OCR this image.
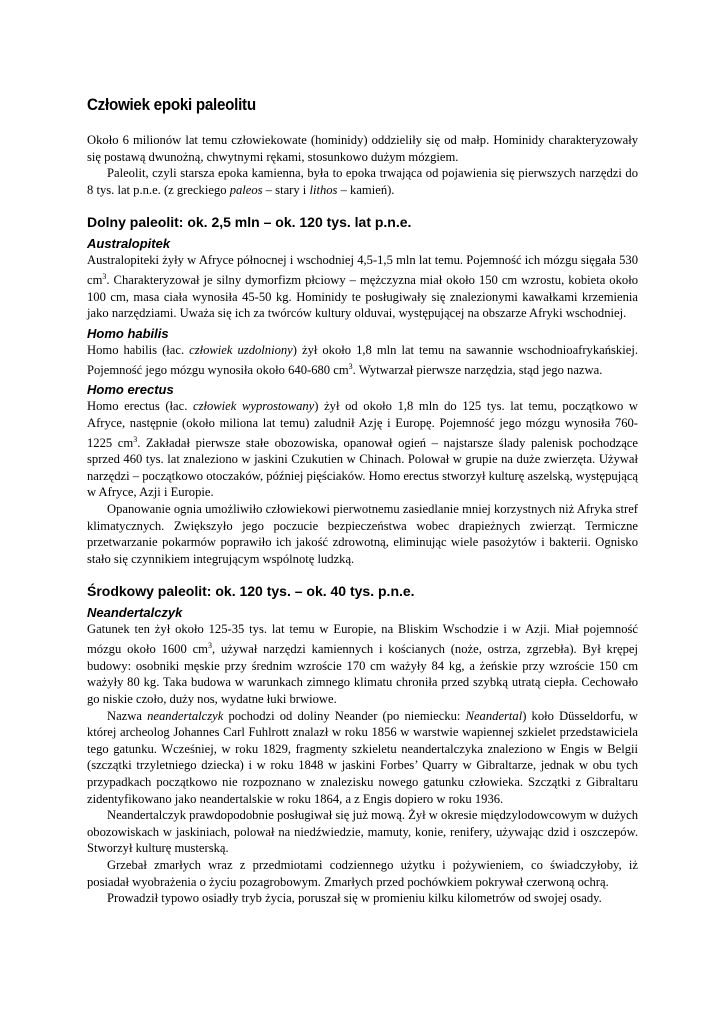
Człowiek epoki paleolitu

Około 6 milionów lat temu człowiekowate (hominidy) oddzieliły się od małp. Hominidy charakteryzowały się postawą dwunożną, chwytnymi rękami, stosunkowo dużym mózgiem.

Paleolit, czyli starsza epoka kamienna, była to epoka trwająca od pojawienia się pierwszych narzędzi do 8 tys. lat p.n.e. (z greckiego paleos – stary i lithos – kamień).

Dolny paleolit: ok. 2,5 mln – ok. 120 tys. lat p.n.e.
Australopitek

Australopiteki żyły w Afryce północnej i wschodniej 4,5-1,5 mln lat temu. Pojemność ich mózgu sięgała 530 $cm^3$. Charakteryzował je silny dymorfizm płciowy – mężczyzna miał około 150 cm wzrostu, kobieta około 100 cm, masa ciała wynosiła 45-50 kg. Hominidy te posługiwały się znalezionymi kawałkami krzemienia jako narzędziami. Uważa się ich za twórców kultury olduvai, występującej na obszarze Afryki wschodniej.

Homo habilis

Homo habilis (łac. człowiek uzdolniony) żył około 1,8 mln lat temu na sawannie wschodnioafrykańskiej. Pojemność jego mózgu wynosiła około 640-680 $cm^3$. Wytwarzał pierwsze narzędzia, stąd jego nazwa.

Homo erectus

Homo erectus (łac. człowiek wyprostowany) żył od około 1,8 mln do 125 tys. lat temu, początkowo w Afryce, następnie (około miliona lat temu) zaludnił Azję i Europę. Pojemność jego mózgu wynosiła 760-1225 $cm^3$. Zakładał pierwsze stałe obozowiska, opanował ogień – najstarsze ślady palenisk pochodzące sprzed 460 tys. lat znaleziono w jaskini Czukutien w Chinach. Polował w grupie na duże zwierzęta. Używał narzędzi – początkowo otoczaków, później pięściaków. Homo erectus stworzył kulturę aszelską, występującą w Afryce, Azji i Europie.

Opanowanie ognia umożliwiło człowiekowi pierwotnemu zasiedlanie mniej korzystnych niż Afryka stref klimatycznych. Zwiększyło jego poczucie bezpieczeństwa wobec drapieżnych zwierząt. Termiczne przetwarzanie pokarmów poprawiło ich jakość zdrowotną, eliminując wiele pasożytów i bakterii. Ognisko stało się czynnikiem integrującym wspólnotę ludzką.

Środkowy paleolit: ok. 120 tys. – ok. 40 tys. p.n.e.
Neandertalczyk

Gatunek ten żył około 125-35 tys. lat temu w Europie, na Bliskim Wschodzie i w Azji. Miał pojemność mózgu około 1600 $cm^3$, używał narzędzi kamiennych i kościanych (noże, ostrza, zgrzebła). Był krępej budowy: osobniki męskie przy średnim wzroście 170 cm ważyły 84 kg, a żeńskie przy wzroście 150 cm ważyły 80 kg. Taka budowa w warunkach zimnego klimatu chroniła przed szybką utratą ciepła. Cechowało go niskie czoło, duży nos, wydatne łuki brwiowe.

Nazwa neandertalczyk pochodzi od doliny Neander (po niemiecku: Neandertal) koło Düsseldorfu, w której archeolog Johannes Carl Fuhlrott znalazł w roku 1856 w warstwie wapiennej szkielet przedstawiciela tego gatunku. Wcześniej, w roku 1829, fragmenty szkieletu neandertalczyka znaleziono w Engis w Belgii (szczątki trzyletniego dziecka) i w roku 1848 w jaskini Forbes’ Quarry w Gibraltarze, jednak w obu tych przypadkach początkowo nie rozpoznano w znalezisku nowego gatunku człowieka. Szczątki z Gibraltaru zidentyfikowano jako neandertalskie w roku 1864, a z Engis dopiero w roku 1936.

Neandertalczyk prawdopodobnie posługiwał się już mową. Żył w okresie międzylodowcowym w dużych obozowiskach w jaskiniach, polował na niedźwiedzie, mamuty, konie, renifery, używając dzid i oszczepów. Stworzył kulturę musterską.

Grzebał zmarłych wraz z przedmiotami codziennego użytku i pożywieniem, co świadczyłoby, iż posiadał wyobrażenia o życiu pozagrobowym. Zmarłych przed pochówkiem pokrywał czerwoną ochrą.

Prowadził typowo osiadły tryb życia, poruszał się w promieniu kilku kilometrów od swojej osady.
